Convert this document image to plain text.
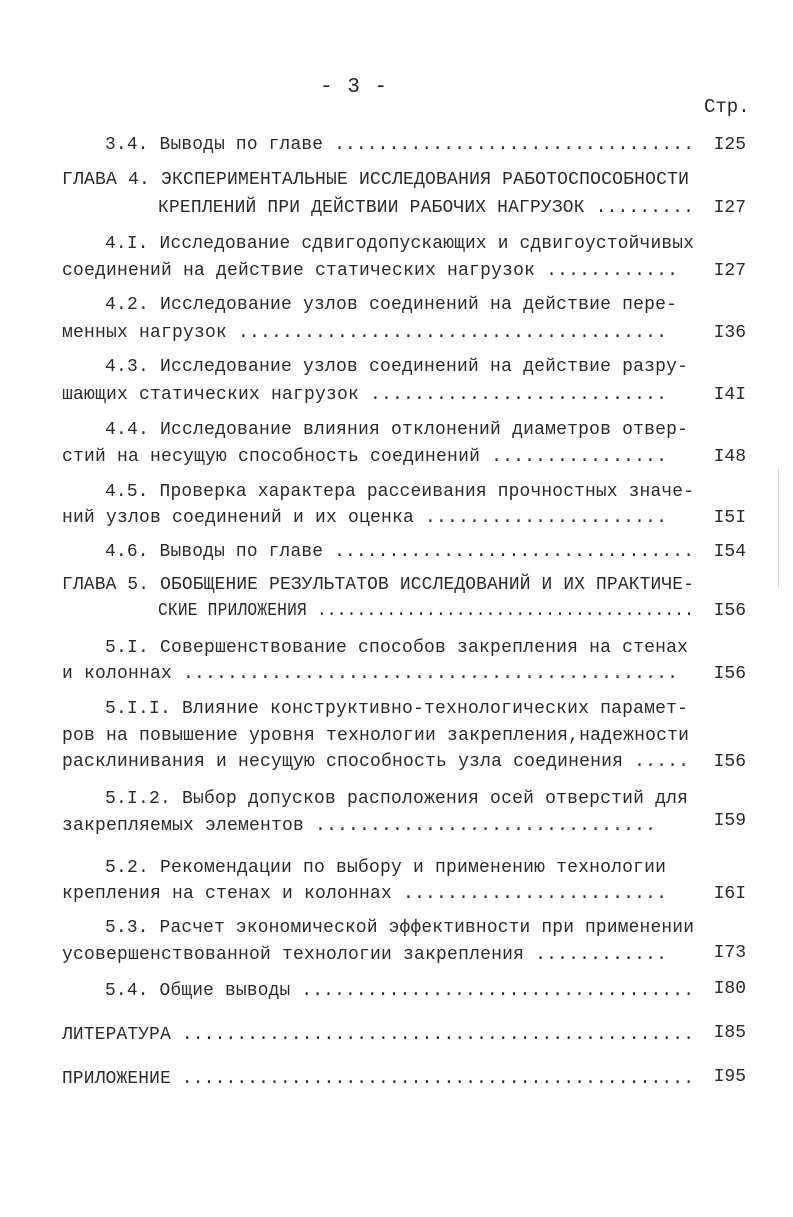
- 3 -
Стр.
3.4. Выводы по главе .................................	I25
ГЛАВА 4. ЭКСПЕРИМЕНТАЛЬНЫЕ ИССЛЕДОВАНИЯ РАБОТОСПОСОБНОСТИ
КРЕПЛЕНИЙ ПРИ ДЕЙСТВИИ РАБОЧИХ НАГРУЗОК .........	I27
4.I. Исследование сдвигодопускающих и сдвигоустойчивых
соединений на действие статических нагрузок ............	I27
4.2. Исследование узлов соединений на действие пере-
менных нагрузок .......................................	I36
4.3. Исследование узлов соединений на действие разру-
шающих статических нагрузок ...........................	I4I
4.4. Исследование влияния отклонений диаметров отвер-
стий на несущую способность соединений ................	I48
4.5. Проверка характера рассеивания прочностных значе-
ний узлов соединений и их оценка ......................	I5I
4.6. Выводы по главе .................................	I54
ГЛАВА 5. ОБОБЩЕНИЕ РЕЗУЛЬТАТОВ ИССЛЕДОВАНИЙ И ИХ ПРАКТИЧЕ-
СКИЕ ПРИЛОЖЕНИЯ ......................................	I56
5.I. Совершенствование способов закрепления на стенах
и колоннах .............................................	I56
5.I.I. Влияние конструктивно-технологических парамет-
ров на повышение уровня технологии закрепления,надежности
расклинивания и несущую способность узла соединения .....	I56
5.I.2. Выбор допусков расположения осей отверстий для
закрепляемых элементов ...............................	I59
5.2. Рекомендации по выбору и применению технологии
крепления на стенах и колоннах ........................	I6I
5.3. Расчет экономической эффективности при применении
усовершенствованной технологии закрепления ............	I73
5.4. Общие выводы ....................................	I80
ЛИТЕРАТУРА ...............................................	I85
ПРИЛОЖЕНИЕ ...............................................	I95
